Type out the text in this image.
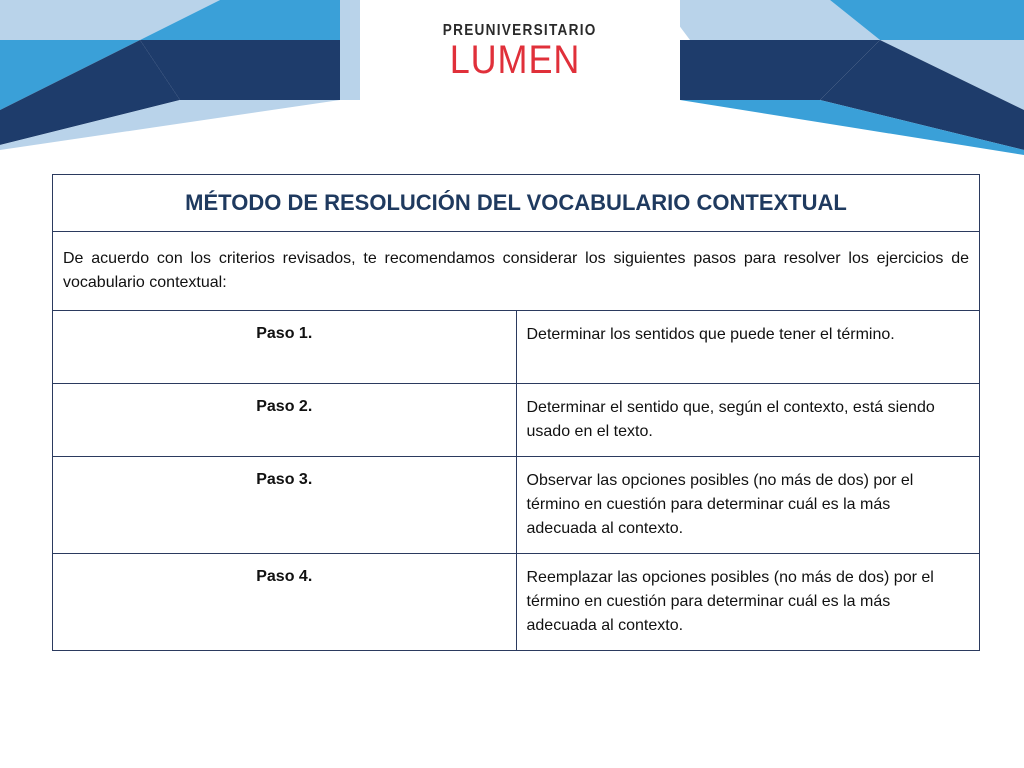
PREUNIVERSITARIO
LUMEN
MÉTODO DE RESOLUCIÓN DEL VOCABULARIO CONTEXTUAL	
De acuerdo con los criterios revisados, te recomendamos considerar los siguientes pasos para resolver los ejercicios de vocabulario contextual:	
Paso 1.	Determinar los sentidos que puede tener el término.
Paso 2.	Determinar el sentido que, según el contexto, está siendo usado en el texto.
Paso 3.	Observar las opciones posibles (no más de dos) por el término en cuestión para determinar cuál es la más adecuada al contexto.
Paso 4.	Reemplazar las opciones posibles (no más de dos) por el término en cuestión para determinar cuál es la más adecuada al contexto.
